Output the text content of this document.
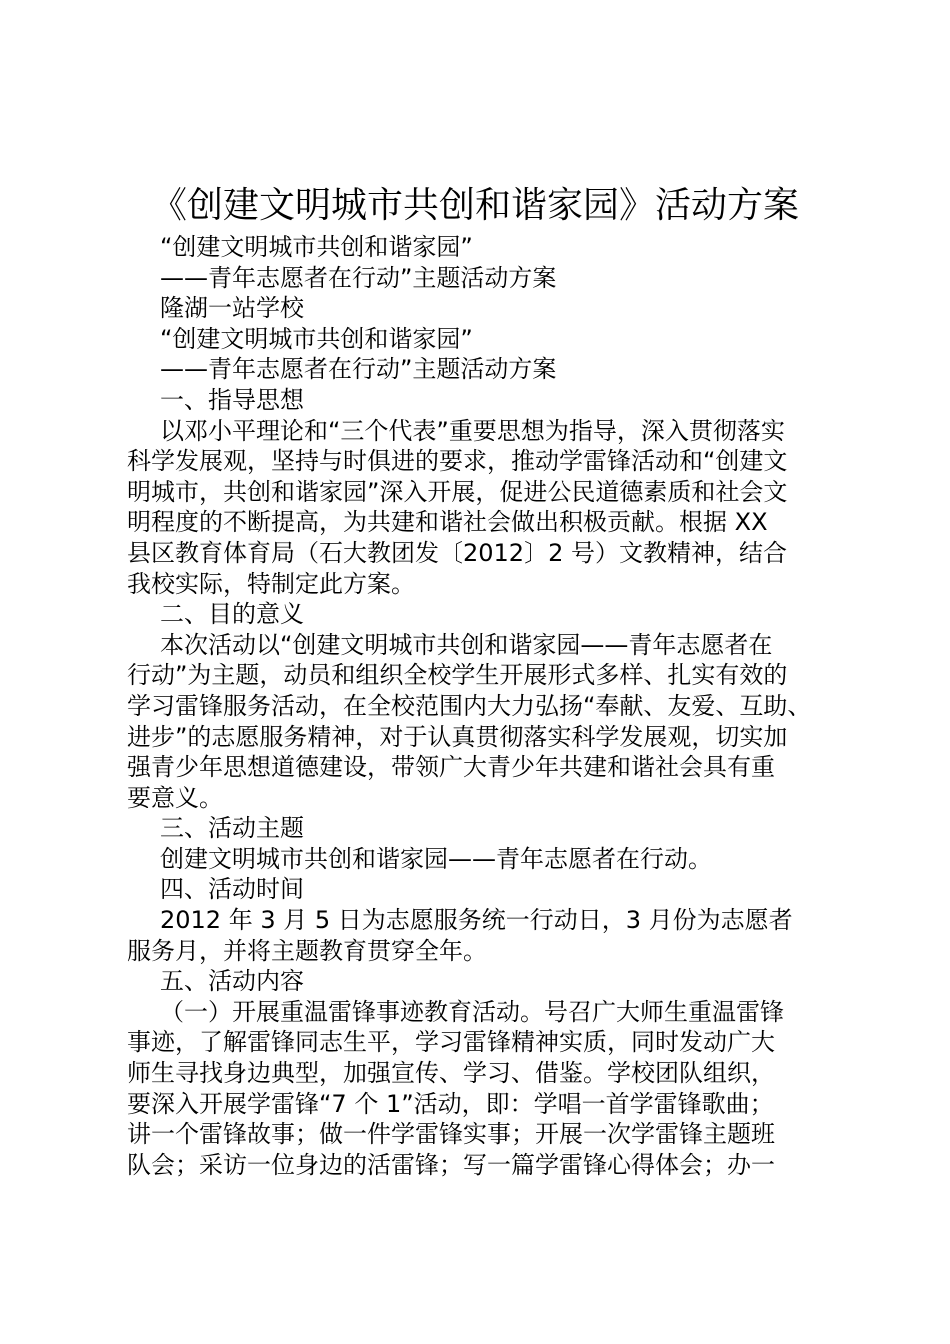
《创建文明城市共创和谐家园》活动方案
“创建文明城市共创和谐家园”
——青年志愿者在行动”主题活动方案
隆湖一站学校
“创建文明城市共创和谐家园”
——青年志愿者在行动”主题活动方案
一、指导思想
以邓小平理论和“三个代表”重要思想为指导，深入贯彻落实
科学发展观，坚持与时俱进的要求，推动学雷锋活动和“创建文
明城市，共创和谐家园”深入开展，促进公民道德素质和社会文
明程度的不断提高，为共建和谐社会做出积极贡献。根据 XX
县区教育体育局（石大教团发〔2012〕2 号）文教精神，结合
我校实际，特制定此方案。
二、目的意义
本次活动以“创建文明城市共创和谐家园——青年志愿者在
行动”为主题，动员和组织全校学生开展形式多样、扎实有效的
学习雷锋服务活动，在全校范围内大力弘扬“奉献、友爱、互助、
进步”的志愿服务精神，对于认真贯彻落实科学发展观，切实加
强青少年思想道德建设，带领广大青少年共建和谐社会具有重
要意义。
三、活动主题
创建文明城市共创和谐家园——青年志愿者在行动。
四、活动时间
2012 年 3 月 5 日为志愿服务统一行动日，3 月份为志愿者
服务月，并将主题教育贯穿全年。
五、活动内容
（一）开展重温雷锋事迹教育活动。号召广大师生重温雷锋
事迹，了解雷锋同志生平，学习雷锋精神实质，同时发动广大
师生寻找身边典型，加强宣传、学习、借鉴。学校团队组织，
要深入开展学雷锋“7 个 1”活动，即：学唱一首学雷锋歌曲；
讲一个雷锋故事；做一件学雷锋实事；开展一次学雷锋主题班
队会；采访一位身边的活雷锋；写一篇学雷锋心得体会；办一
